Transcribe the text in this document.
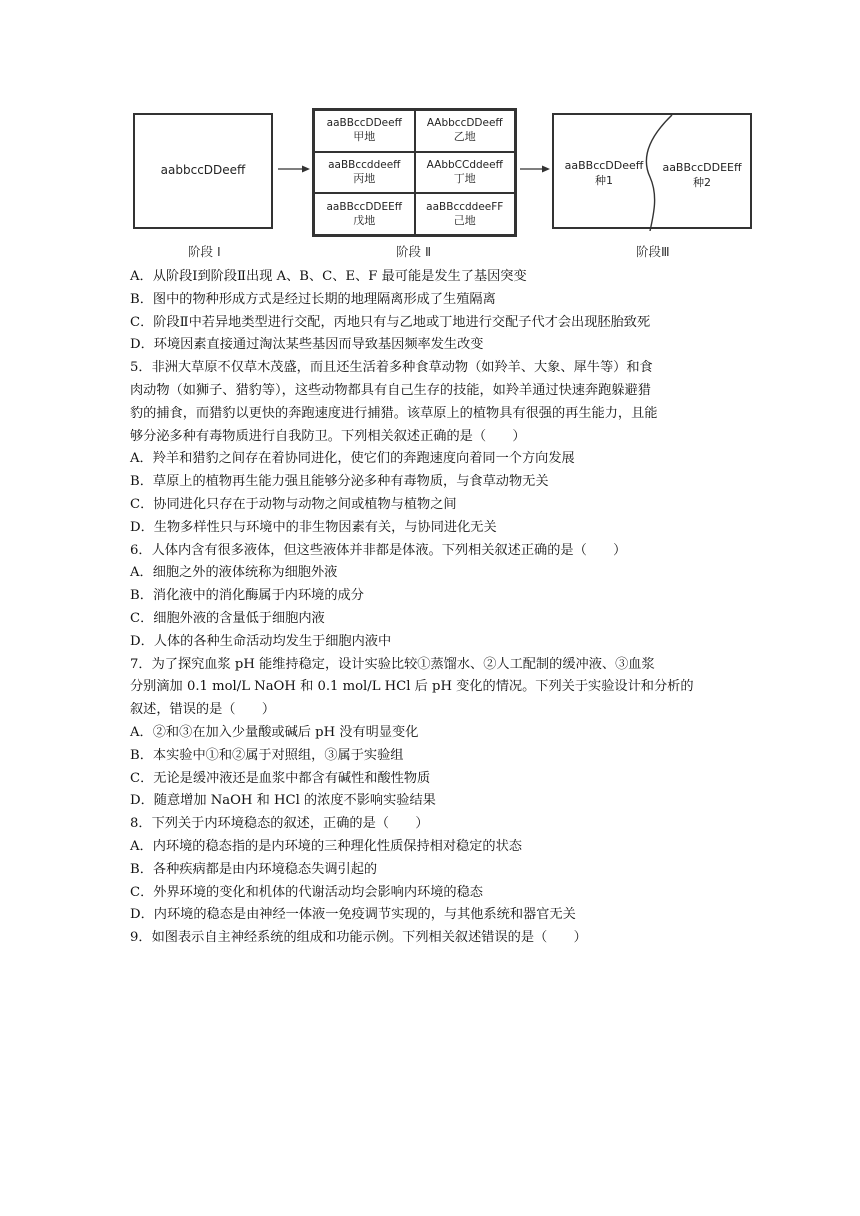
aabbccDDeeff
aaBBccDDeeff
甲地
AAbbccDDeeff
乙地
aaBBccddeeff
丙地
AAbbCCddeeff
丁地
aaBBccDDEEff
戊地
aaBBccddeeFF
己地
aaBBccDDeeff
种1
aaBBccDDEEff
种2
阶段 Ⅰ	阶段 Ⅱ	阶段Ⅲ
A．从阶段Ⅰ到阶段Ⅱ出现 A、B、C、E、F 最可能是发生了基因突变
B．图中的物种形成方式是经过长期的地理隔离形成了生殖隔离
C．阶段Ⅱ中若异地类型进行交配，丙地只有与乙地或丁地进行交配子代才会出现胚胎致死
D．环境因素直接通过淘汰某些基因而导致基因频率发生改变
5．非洲大草原不仅草木茂盛，而且还生活着多种食草动物（如羚羊、大象、犀牛等）和食
肉动物（如狮子、猎豹等），这些动物都具有自己生存的技能，如羚羊通过快速奔跑躲避猎
豹的捕食，而猎豹以更快的奔跑速度进行捕猎。该草原上的植物具有很强的再生能力，且能
够分泌多种有毒物质进行自我防卫。下列相关叙述正确的是（　　）
A．羚羊和猎豹之间存在着协同进化，使它们的奔跑速度向着同一个方向发展
B．草原上的植物再生能力强且能够分泌多种有毒物质，与食草动物无关
C．协同进化只存在于动物与动物之间或植物与植物之间
D．生物多样性只与环境中的非生物因素有关，与协同进化无关
6．人体内含有很多液体，但这些液体并非都是体液。下列相关叙述正确的是（　　）
A．细胞之外的液体统称为细胞外液
B．消化液中的消化酶属于内环境的成分
C．细胞外液的含量低于细胞内液
D．人体的各种生命活动均发生于细胞内液中
7．为了探究血浆 pH 能维持稳定，设计实验比较①蒸馏水、②人工配制的缓冲液、③血浆
分别滴加 0.1 mol/L NaOH 和 0.1 mol/L HCl 后 pH 变化的情况。下列关于实验设计和分析的
叙述，错误的是（　　）
A．②和③在加入少量酸或碱后 pH 没有明显变化
B．本实验中①和②属于对照组，③属于实验组
C．无论是缓冲液还是血浆中都含有碱性和酸性物质
D．随意增加 NaOH 和 HCl 的浓度不影响实验结果
8．下列关于内环境稳态的叙述，正确的是（　　）
A．内环境的稳态指的是内环境的三种理化性质保持相对稳定的状态
B．各种疾病都是由内环境稳态失调引起的
C．外界环境的变化和机体的代谢活动均会影响内环境的稳态
D．内环境的稳态是由神经一体液一免疫调节实现的，与其他系统和器官无关
9．如图表示自主神经系统的组成和功能示例。下列相关叙述错误的是（　　）
